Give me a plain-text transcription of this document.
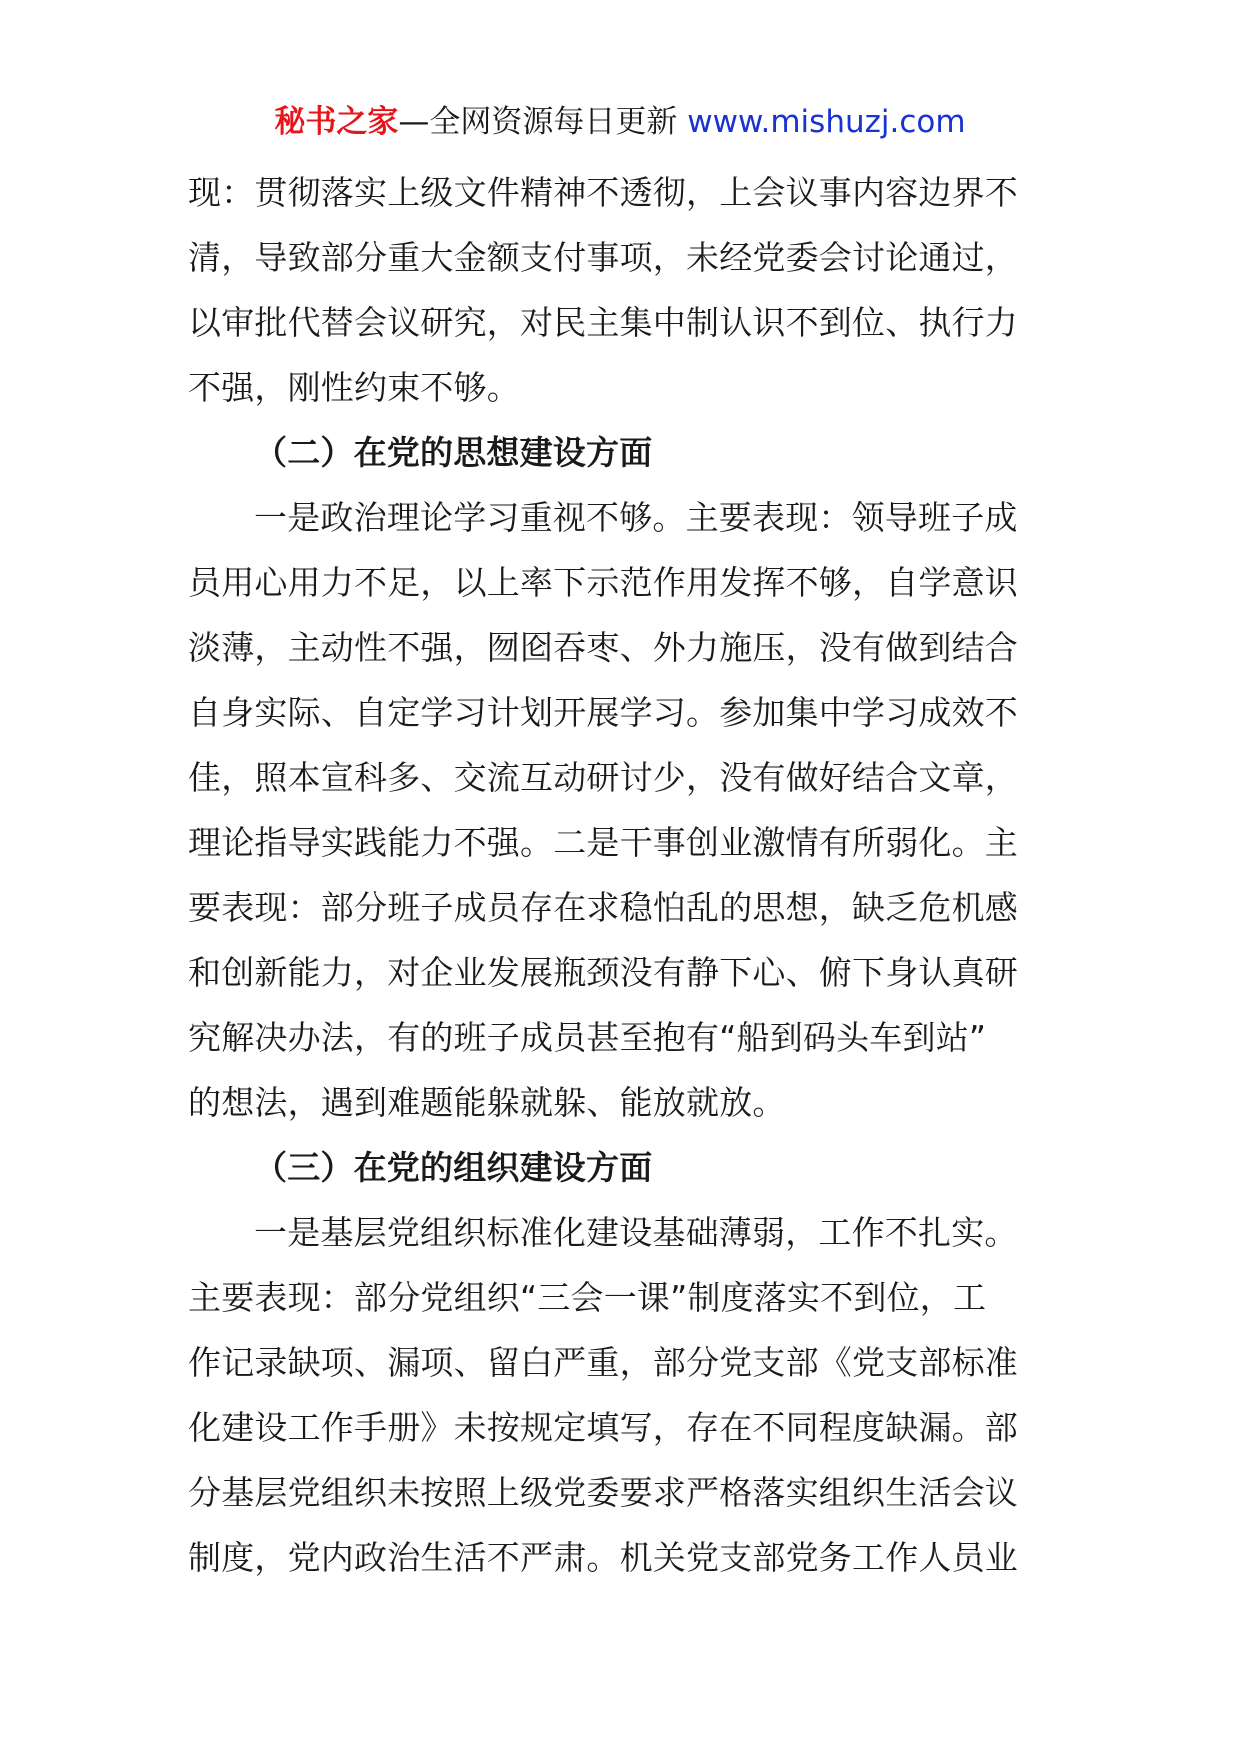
秘书之家—全网资源每日更新 www.mishuzj.com
现：贯彻落实上级文件精神不透彻，上会议事内容边界不
清，导致部分重大金额支付事项，未经党委会讨论通过，
以审批代替会议研究，对民主集中制认识不到位、执行力
不强，刚性约束不够。
（二）在党的思想建设方面
一是政治理论学习重视不够。主要表现：领导班子成
员用心用力不足，以上率下示范作用发挥不够，自学意识
淡薄，主动性不强，囫囵吞枣、外力施压，没有做到结合
自身实际、自定学习计划开展学习。参加集中学习成效不
佳，照本宣科多、交流互动研讨少，没有做好结合文章，
理论指导实践能力不强。二是干事创业激情有所弱化。主
要表现：部分班子成员存在求稳怕乱的思想，缺乏危机感
和创新能力，对企业发展瓶颈没有静下心、俯下身认真研
究解决办法，有的班子成员甚至抱有“船到码头车到站”
的想法，遇到难题能躲就躲、能放就放。
（三）在党的组织建设方面
一是基层党组织标准化建设基础薄弱，工作不扎实。
主要表现：部分党组织“三会一课”制度落实不到位，工
作记录缺项、漏项、留白严重，部分党支部《党支部标准
化建设工作手册》未按规定填写，存在不同程度缺漏。部
分基层党组织未按照上级党委要求严格落实组织生活会议
制度，党内政治生活不严肃。机关党支部党务工作人员业
